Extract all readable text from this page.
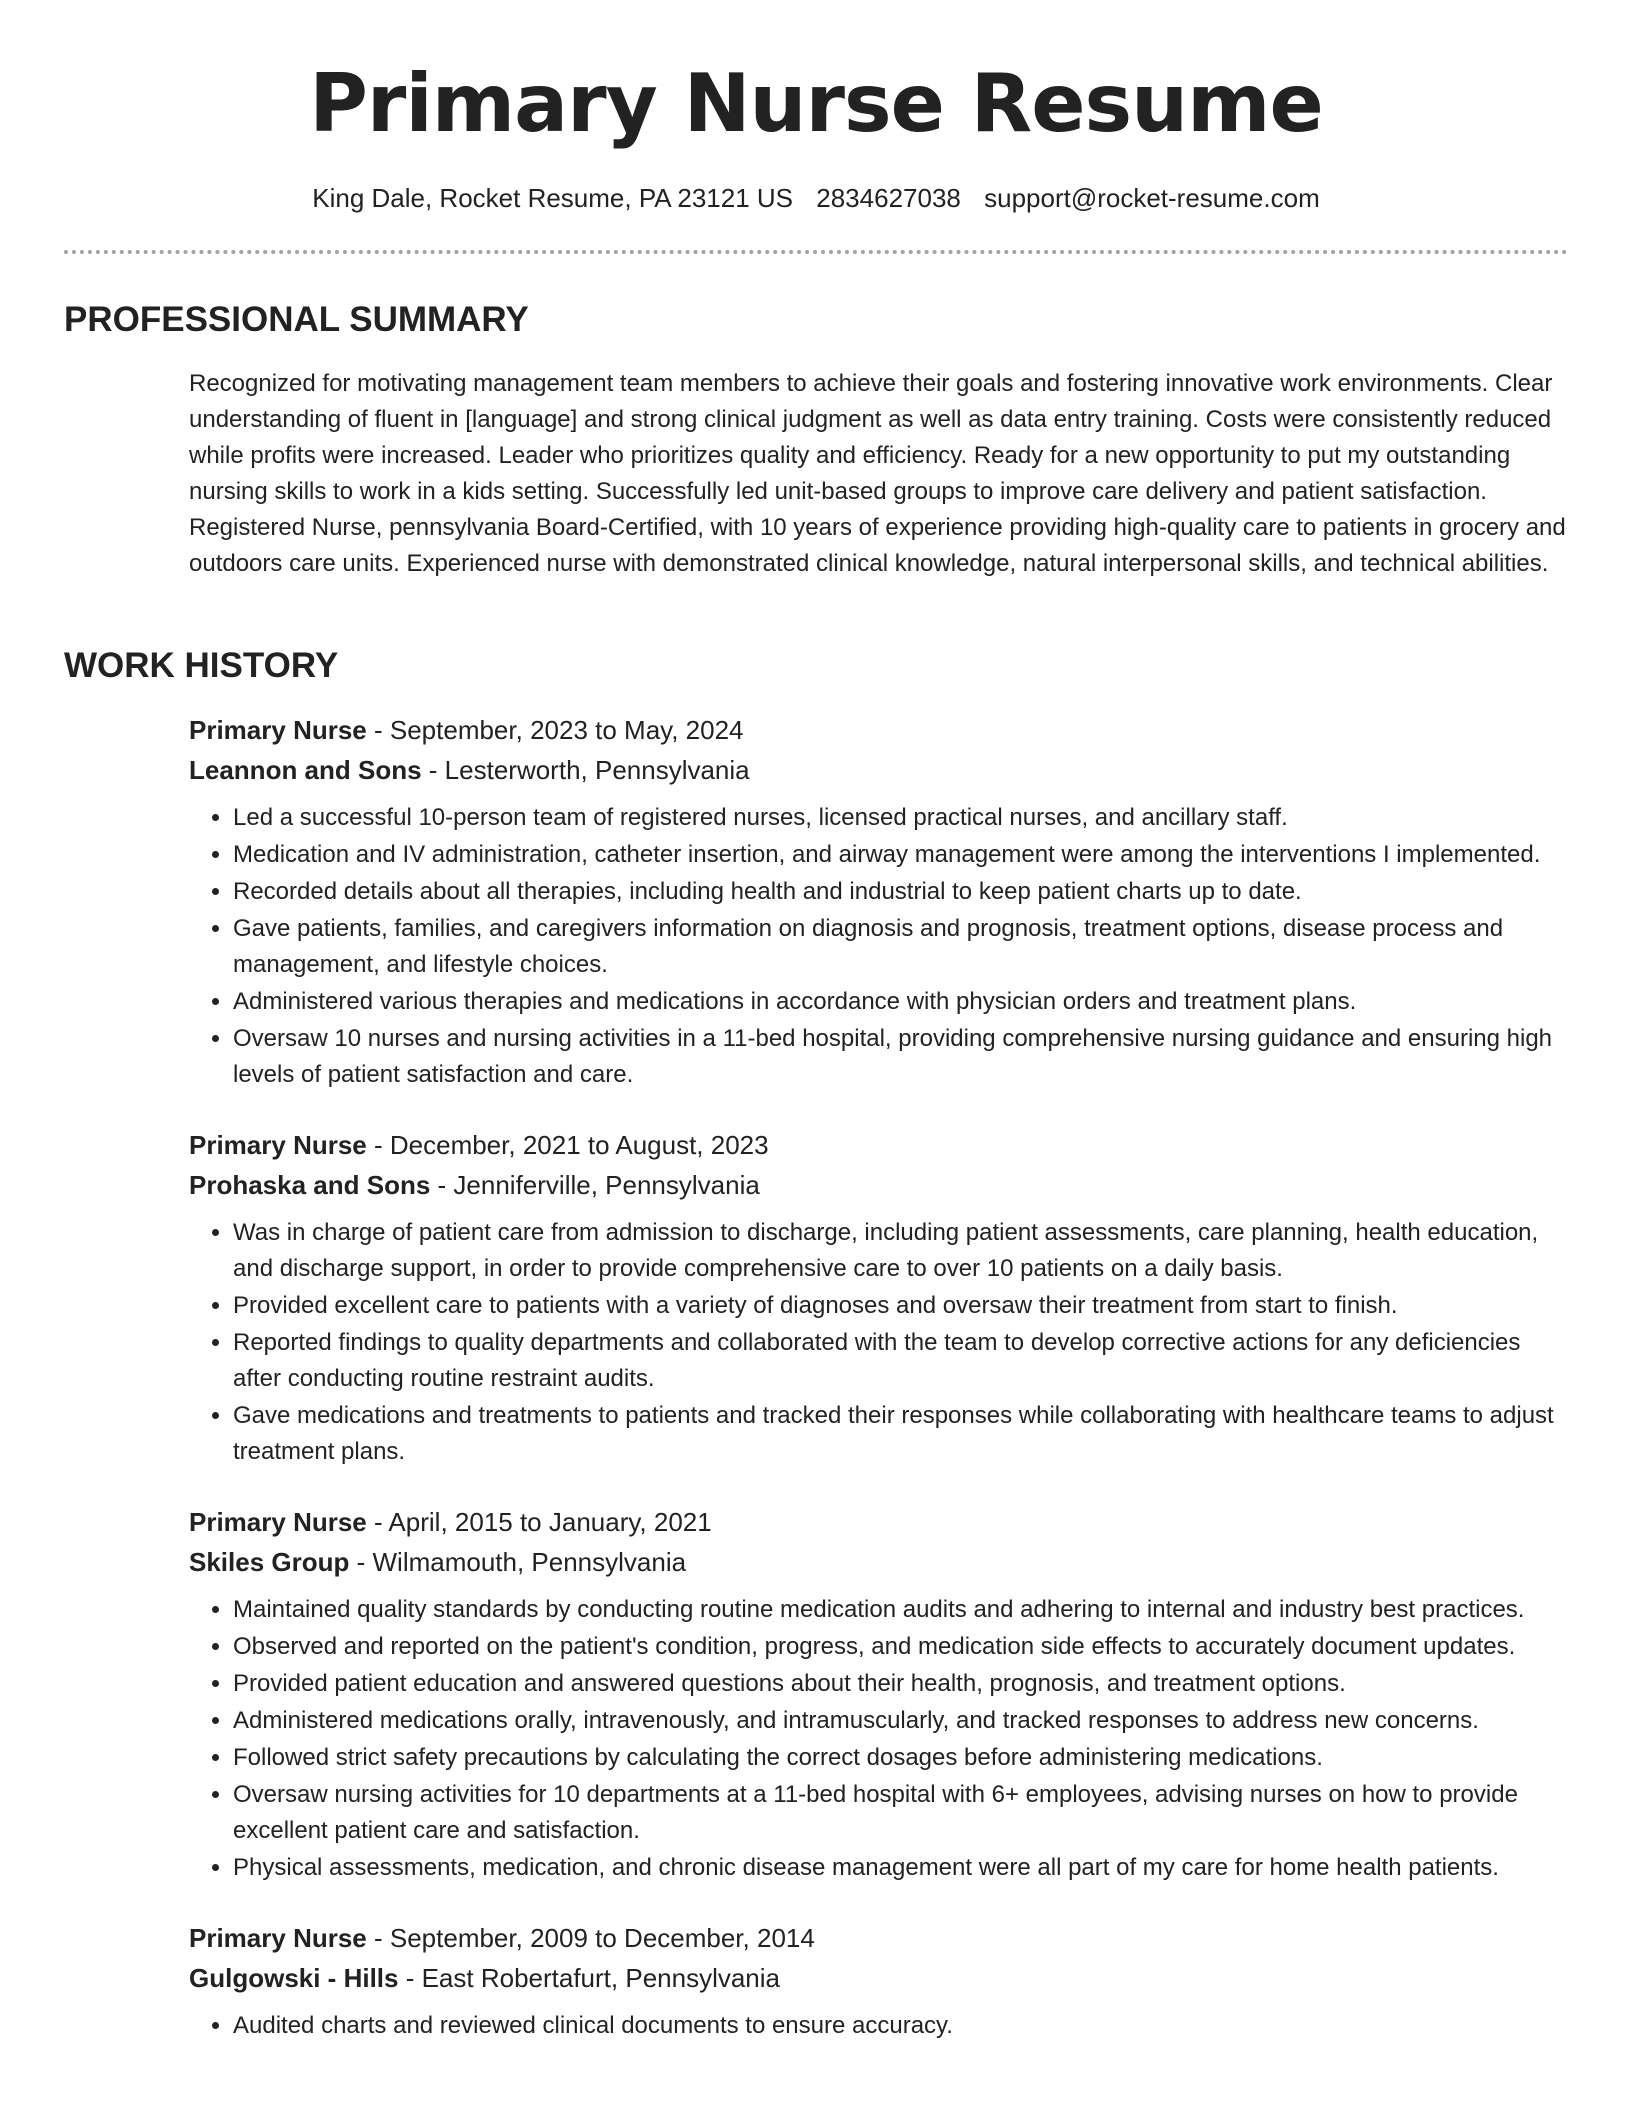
Primary Nurse Resume
King Dale, Rocket Resume, PA 23121 US 2834627038 support@rocket-resume.com
PROFESSIONAL SUMMARY

Recognized for motivating management team members to achieve their goals and fostering innovative work environments. Clear understanding of fluent in [language] and strong clinical judgment as well as data entry training. Costs were consistently reduced while profits were increased. Leader who prioritizes quality and efficiency. Ready for a new opportunity to put my outstanding nursing skills to work in a kids setting. Successfully led unit-based groups to improve care delivery and patient satisfaction. Registered Nurse, pennsylvania Board-Certified, with 10 years of experience providing high-quality care to patients in grocery and outdoors care units. Experienced nurse with demonstrated clinical knowledge, natural interpersonal skills, and technical abilities.

WORK HISTORY
Primary Nurse - September, 2023 to May, 2024
Leannon and Sons - Lesterworth, Pennsylvania
• Led a successful 10-person team of registered nurses, licensed practical nurses, and ancillary staff.
• Medication and IV administration, catheter insertion, and airway management were among the interventions I implemented.
• Recorded details about all therapies, including health and industrial to keep patient charts up to date.
• Gave patients, families, and caregivers information on diagnosis and prognosis, treatment options, disease process and management, and lifestyle choices.
• Administered various therapies and medications in accordance with physician orders and treatment plans.
• Oversaw 10 nurses and nursing activities in a 11-bed hospital, providing comprehensive nursing guidance and ensuring high levels of patient satisfaction and care.
Primary Nurse - December, 2021 to August, 2023
Prohaska and Sons - Jenniferville, Pennsylvania
• Was in charge of patient care from admission to discharge, including patient assessments, care planning, health education, and discharge support, in order to provide comprehensive care to over 10 patients on a daily basis.
• Provided excellent care to patients with a variety of diagnoses and oversaw their treatment from start to finish.
• Reported findings to quality departments and collaborated with the team to develop corrective actions for any deficiencies after conducting routine restraint audits.
• Gave medications and treatments to patients and tracked their responses while collaborating with healthcare teams to adjust treatment plans.
Primary Nurse - April, 2015 to January, 2021
Skiles Group - Wilmamouth, Pennsylvania
• Maintained quality standards by conducting routine medication audits and adhering to internal and industry best practices.
• Observed and reported on the patient's condition, progress, and medication side effects to accurately document updates.
• Provided patient education and answered questions about their health, prognosis, and treatment options.
• Administered medications orally, intravenously, and intramuscularly, and tracked responses to address new concerns.
• Followed strict safety precautions by calculating the correct dosages before administering medications.
• Oversaw nursing activities for 10 departments at a 11-bed hospital with 6+ employees, advising nurses on how to provide excellent patient care and satisfaction.
• Physical assessments, medication, and chronic disease management were all part of my care for home health patients.
Primary Nurse - September, 2009 to December, 2014
Gulgowski - Hills - East Robertafurt, Pennsylvania
• Audited charts and reviewed clinical documents to ensure accuracy.
